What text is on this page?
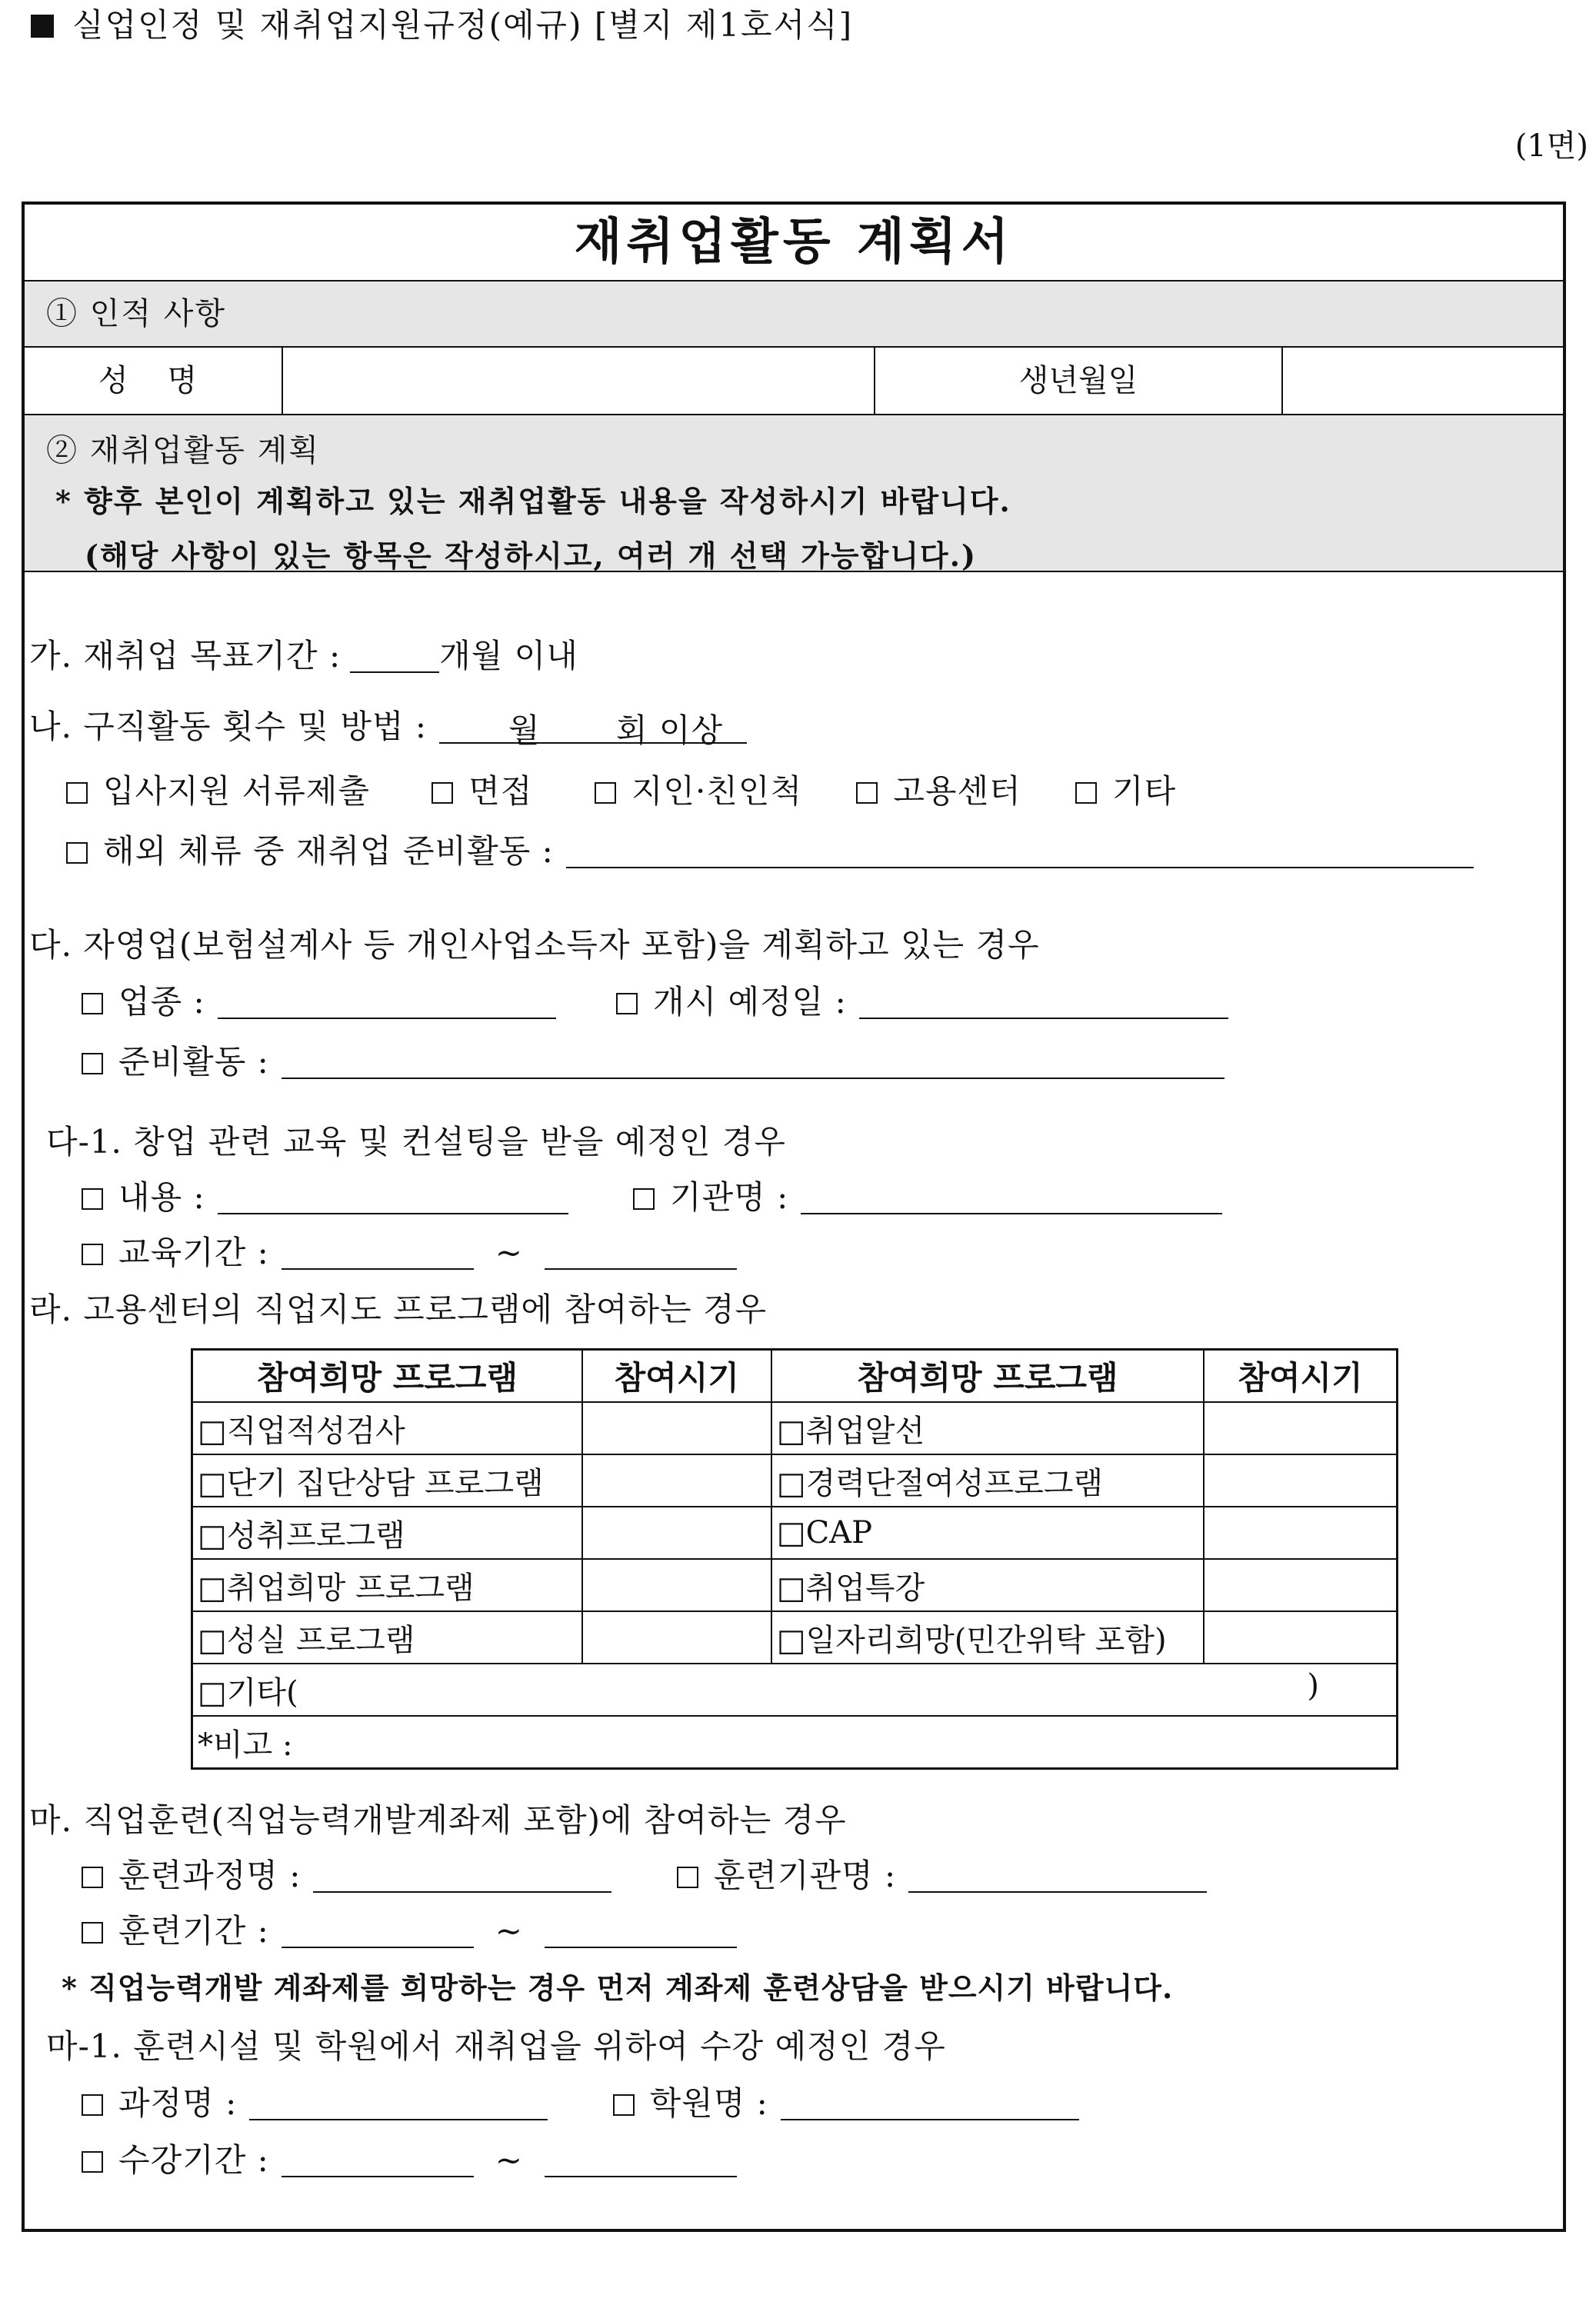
실업인정 및 재취업지원규정(예규) [별지 제1호서식]
(1면)
재취업활동 계획서
① 인적 사항
성    명	생년월일
② 재취업활동 계획
* 향후 본인이 계획하고 있는 재취업활동 내용을 작성하시기 바랍니다.
(해당 사항이 있는 항목은 작성하시고, 여러 개 선택 가능합니다.)
가. 재취업 목표기간 :	개월 이내
나. 구직활동 횟수 및 방법 :	월 회 이상
입사지원 서류제출	면접	지인·친인척	고용센터	기타
해외 체류 중 재취업 준비활동 :
다. 자영업(보험설계사 등 개인사업소득자 포함)을 계획하고 있는 경우
업종 :	개시 예정일 :
준비활동 :
다-1. 창업 관련 교육 및 컨설팅을 받을 예정인 경우
내용 :	기관명 :
교육기간 :	~
라. 고용센터의 직업지도 프로그램에 참여하는 경우
참여희망 프로그램	참여시기	참여희망 프로그램	참여시기
□직업적성검사		□취업알선	
□단기 집단상담 프로그램		□경력단절여성프로그램	
□성취프로그램		□CAP	
□취업희망 프로그램		□취업특강	
□성실 프로그램		□일자리희망(민간위탁 포함)	
□기타( )			

*비고 :			
마. 직업훈련(직업능력개발계좌제 포함)에 참여하는 경우
훈련과정명 :	훈련기관명 :
훈련기간 :	~
* 직업능력개발 계좌제를 희망하는 경우 먼저 계좌제 훈련상담을 받으시기 바랍니다.
마-1. 훈련시설 및 학원에서 재취업을 위하여 수강 예정인 경우
과정명 :	학원명 :
수강기간 :	~
